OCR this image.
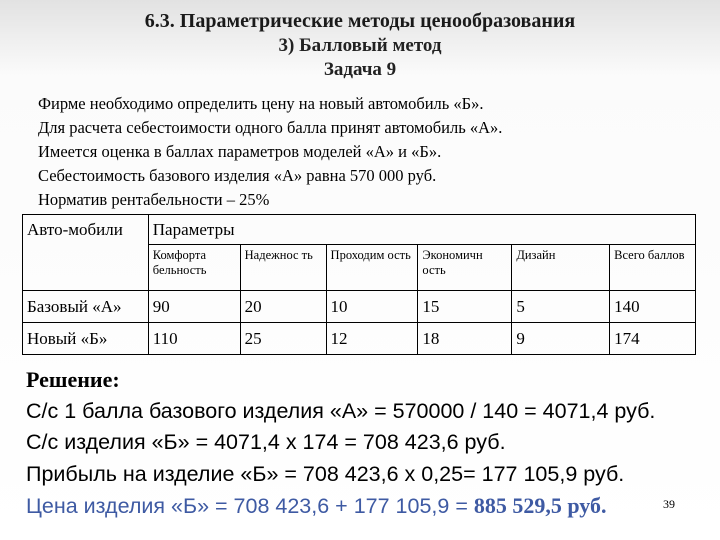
6.3. Параметрические методы ценообразования
3) Балловый метод
Задача 9
Фирме необходимо определить цену на новый автомобиль «Б».
Для расчета себестоимости одного балла принят автомобиль «А».
Имеется оценка в баллах параметров моделей «А» и «Б».
Себестоимость базового изделия «А» равна 570 000 руб.
Норматив рентабельности – 25%
Авто-мобили	Параметры					
	Комфорта бельность	Надежнос ть	Проходим ость	Экономичн ость	Дизайн	Всего баллов
Базовый «А»	90	20	10	15	5	140
Новый «Б»	110	25	12	18	9	174
Решение:
С/с 1 балла базового изделия «А» = 570000 / 140 = 4071,4 руб.
С/с изделия «Б» = 4071,4 х 174 = 708 423,6 руб.
Прибыль на изделие «Б» = 708 423,6 х 0,25= 177 105,9 руб.
Цена изделия «Б» = 708 423,6 + 177 105,9 = 885 529,5 руб.	39
